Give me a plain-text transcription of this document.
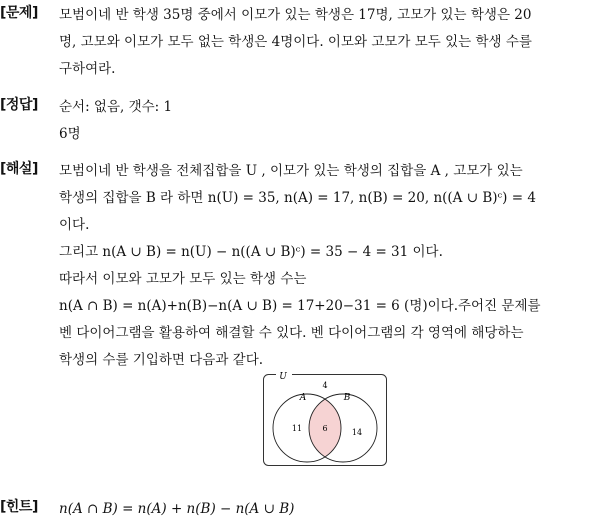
[문제] 모범이네 반 학생 35명 중에서 이모가 있는 학생은 17명, 고모가 있는 학생은 20
명, 고모와 이모가 모두 없는 학생은 4명이다. 이모와 고모가 모두 있는 학생 수를
구하여라.
[정답] 순서: 없음, 갯수: 1
6명
[해설] 모범이네 반 학생을 전체집합을 U , 이모가 있는 학생의 집합을 A , 고모가 있는
학생의 집합을 B 라 하면 n(U) = 35, n(A) = 17, n(B) = 20, n((A ∪ B)ᶜ) = 4
이다.
그리고 n(A ∪ B) = n(U) − n((A ∪ B)ᶜ) = 35 − 4 = 31 이다.
따라서 이모와 고모가 모두 있는 학생 수는
n(A ∩ B) = n(A)+n(B)−n(A ∪ B) = 17+20−31 = 6 (명)이다.주어진 문제를
벤 다이어그램을 활용하여 해결할 수 있다. 벤 다이어그램의 각 영역에 해당하는
학생의 수를 기입하면 다음과 같다.
U
A	B
4
11	6	14
[힌트] n(A ∩ B) = n(A) + n(B) − n(A ∪ B)
